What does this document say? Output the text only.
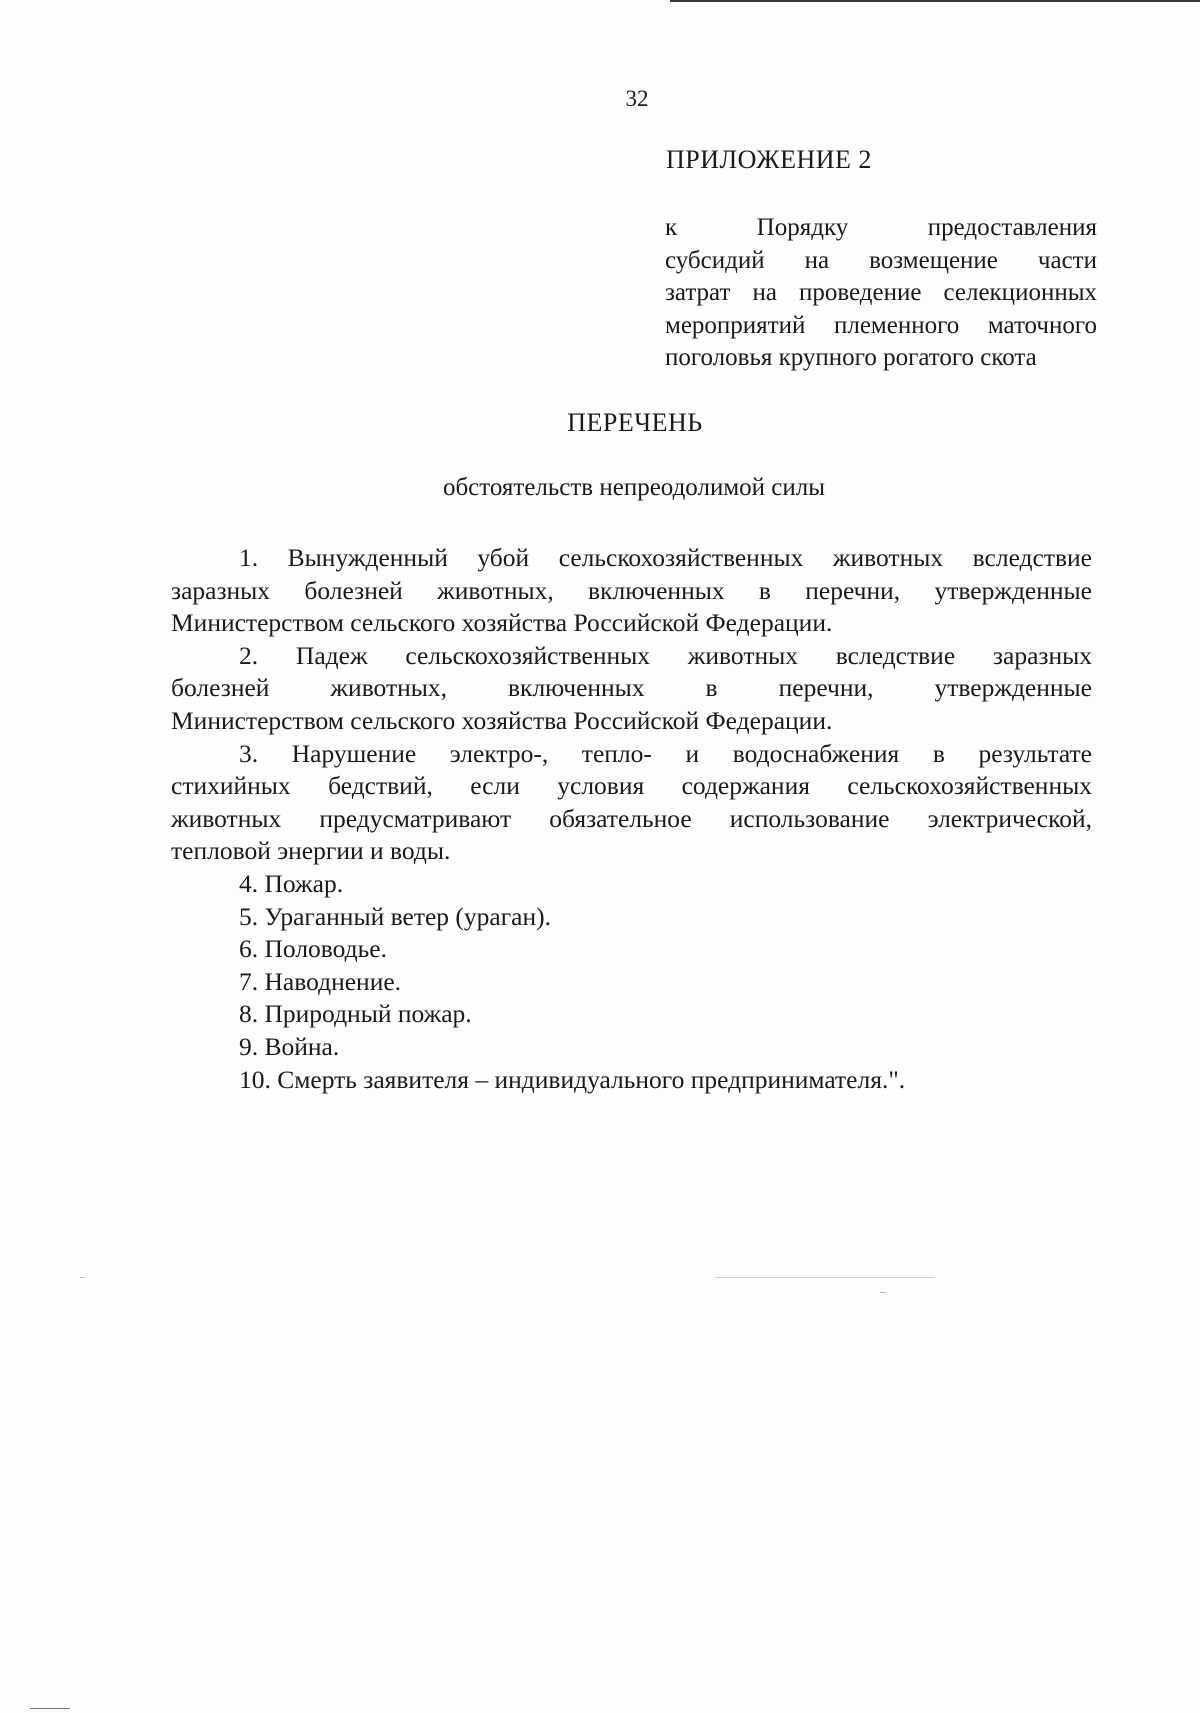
32
ПРИЛОЖЕНИЕ 2
к Порядку предоставления
субсидий на возмещение части
затрат на проведение селекционных
мероприятий племенного маточного
поголовья крупного рогатого скота
ПЕРЕЧЕНЬ
обстоятельств непреодолимой силы
1. Вынужденный убой сельскохозяйственных животных вследствие
заразных болезней животных, включенных в перечни, утвержденные
Министерством сельского хозяйства Российской Федерации.
2. Падеж сельскохозяйственных животных вследствие заразных
болезней животных, включенных в перечни, утвержденные
Министерством сельского хозяйства Российской Федерации.
3. Нарушение электро-, тепло- и водоснабжения в результате
стихийных бедствий, если условия содержания сельскохозяйственных
животных предусматривают обязательное использование электрической,
тепловой энергии и воды.
4. Пожар.
5. Ураганный ветер (ураган).
6. Половодье.
7. Наводнение.
8. Природный пожар.
9. Война.
10. Смерть заявителя – индивидуального предпринимателя.".
